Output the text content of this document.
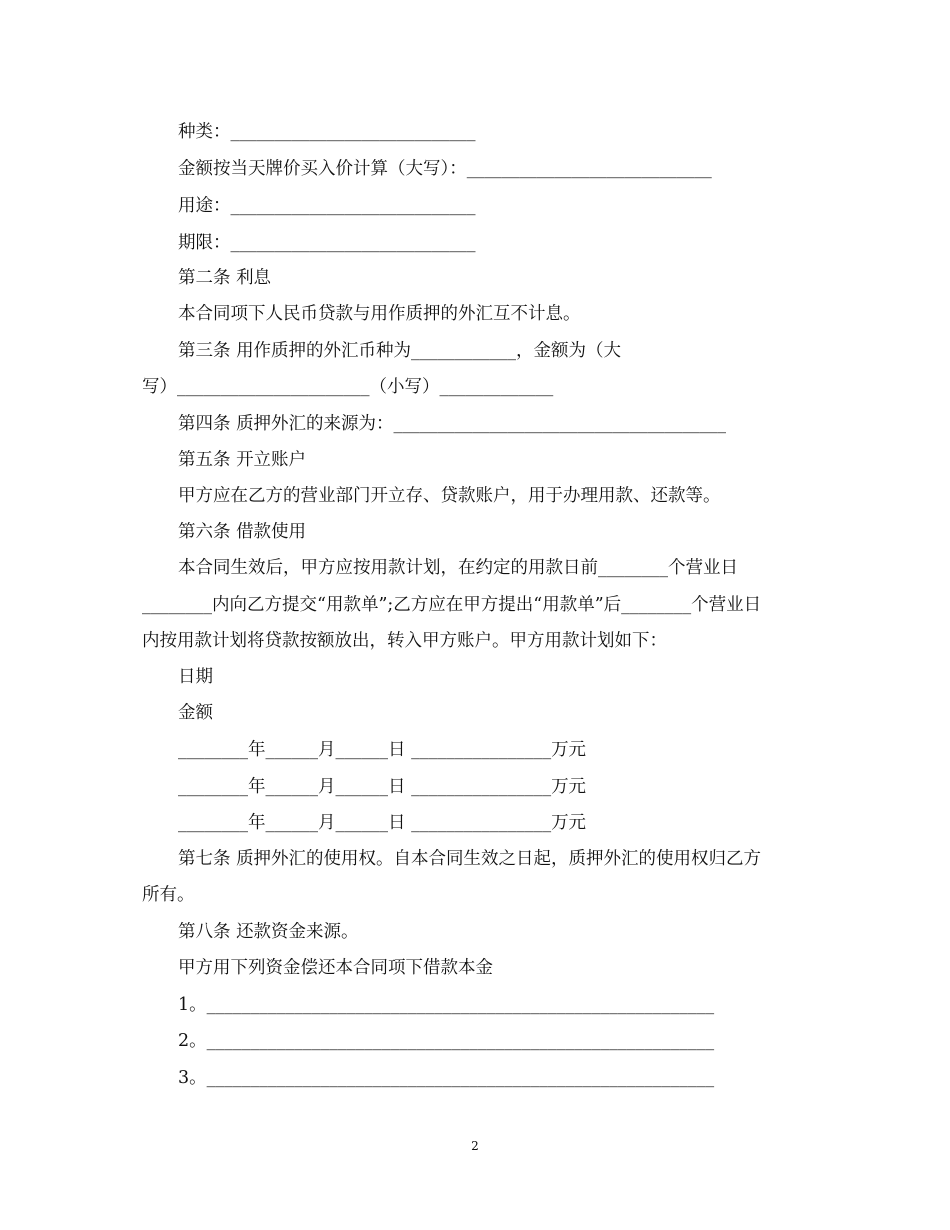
种类：____________________________
金额按当天牌价买入价计算（大写）：____________________________
用途：____________________________
期限：____________________________
第二条 利息
本合同项下人民币贷款与用作质押的外汇互不计息。
第三条 用作质押的外汇币种为____________，金额为（大
写）______________________（小写）_____________
第四条 质押外汇的来源为：______________________________________
第五条 开立账户
甲方应在乙方的营业部门开立存、贷款账户，用于办理用款、还款等。
第六条 借款使用
本合同生效后，甲方应按用款计划，在约定的用款日前________个营业日
________内向乙方提交“用款单”;乙方应在甲方提出“用款单”后________个营业日
内按用款计划将贷款按额放出，转入甲方账户。甲方用款计划如下：
日期
金额
________年______月______日 ________________万元
________年______月______日 ________________万元
________年______月______日 ________________万元
第七条 质押外汇的使用权。自本合同生效之日起，质押外汇的使用权归乙方
所有。
第八条 还款资金来源。
甲方用下列资金偿还本合同项下借款本金
1。__________________________________________________________
2。__________________________________________________________
3。__________________________________________________________
2
